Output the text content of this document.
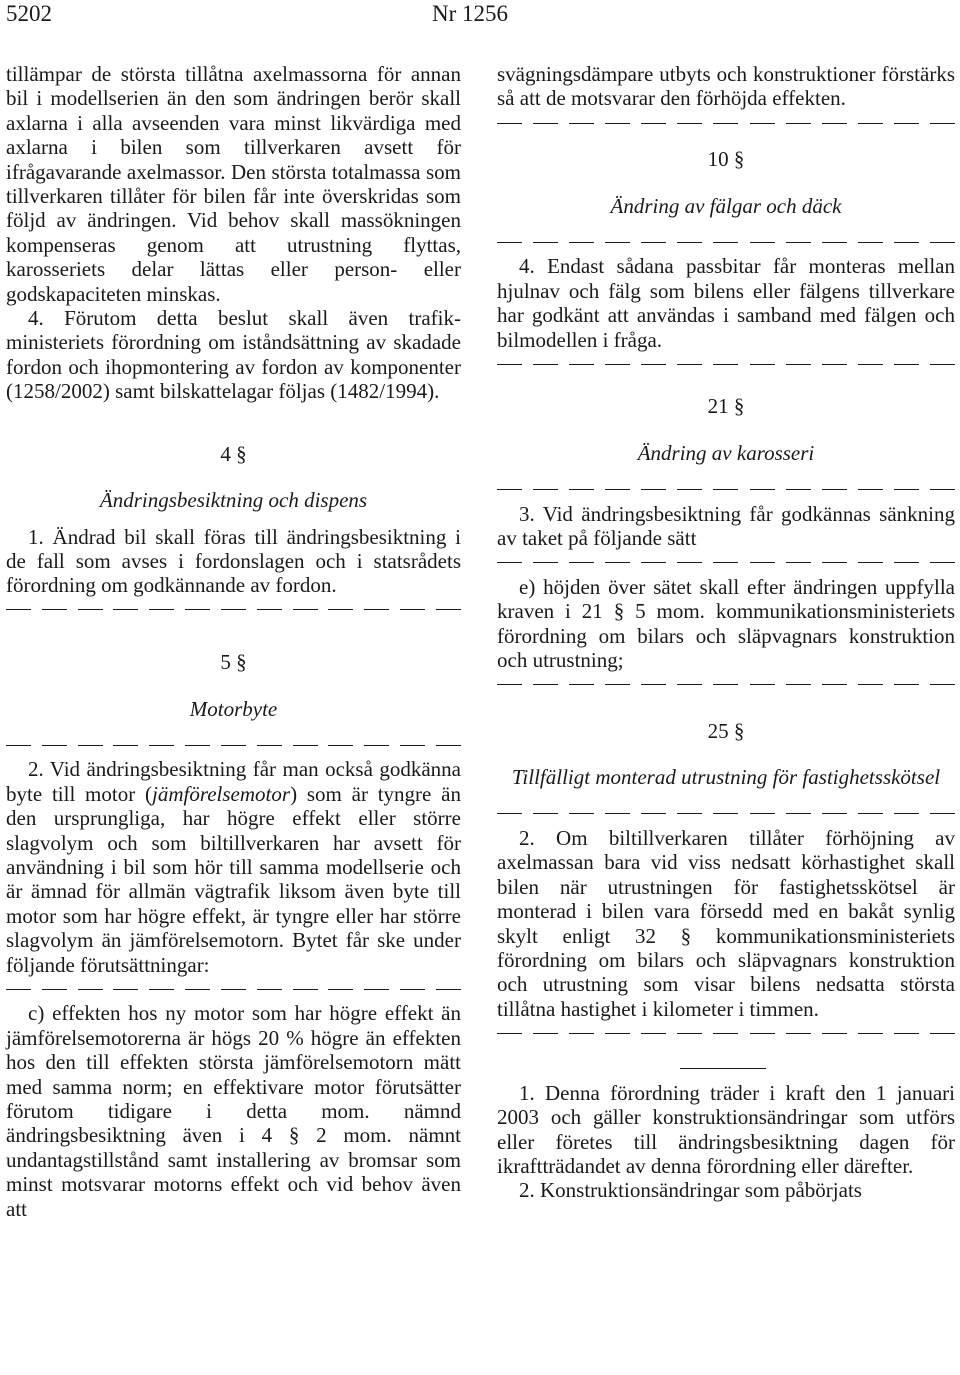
5202	Nr 1256

tillämpar de största tillåtna axelmassorna för annan bil i modellserien än den som ändringen berör skall axlarna i alla avseenden vara minst likvärdiga med axlarna i bilen som tillverkaren avsett för ifrågavarande axelmassor. Den största totalmassa som tillverkaren tillåter för bilen får inte överskridas som följd av ändringen. Vid behov skall massökningen kompenseras genom att utrustning flyttas, karosseriets delar lättas eller person- eller godskapaciteten minskas.

4. Förutom detta beslut skall även trafikministeriets förordning om iståndsättning av skadade fordon och ihopmontering av fordon av komponenter (1258/2002) samt bilskattelagar följas (1482/1994).

4 §

Ändringsbesiktning och dispens

1. Ändrad bil skall föras till ändringsbesiktning i de fall som avses i fordonslagen och i statsrådets förordning om godkännande av fordon.

5 §

Motorbyte

2. Vid ändringsbesiktning får man också godkänna byte till motor (jämförelsemotor) som är tyngre än den ursprungliga, har högre effekt eller större slagvolym och som biltillverkaren har avsett för användning i bil som hör till samma modellserie och är ämnad för allmän vägtrafik liksom även byte till motor som har högre effekt, är tyngre eller har större slagvolym än jämförelsemotorn. Bytet får ske under följande förutsättningar:

c) effekten hos ny motor som har högre effekt än jämförelsemotorerna är högs 20 % högre än effekten hos den till effekten största jämförelsemotorn mätt med samma norm; en effektivare motor förutsätter förutom tidigare i detta mom. nämnd ändringsbesiktning även i 4 § 2 mom. nämnt undantagstillstånd samt installering av bromsar som minst motsvarar motorns effekt och vid behov även att

svägningsdämpare utbyts och konstruktioner förstärks så att de motsvarar den förhöjda effekten.

10 §

Ändring av fälgar och däck

4. Endast sådana passbitar får monteras mellan hjulnav och fälg som bilens eller fälgens tillverkare har godkänt att användas i samband med fälgen och bilmodellen i fråga.

21 §

Ändring av karosseri

3. Vid ändringsbesiktning får godkännas sänkning av taket på följande sätt

e) höjden över sätet skall efter ändringen uppfylla kraven i 21 § 5 mom. kommunikationsministeriets förordning om bilars och släpvagnars konstruktion och utrustning;

25 §

Tillfälligt monterad utrustning för fastighetsskötsel

2. Om biltillverkaren tillåter förhöjning av axelmassan bara vid viss nedsatt körhastighet skall bilen när utrustningen för fastighetsskötsel är monterad i bilen vara försedd med en bakåt synlig skylt enligt 32 § kommunikationsministeriets förordning om bilars och släpvagnars konstruktion och utrustning som visar bilens nedsatta största tillåtna hastighet i kilometer i timmen.

1. Denna förordning träder i kraft den 1 januari 2003 och gäller konstruktionsändringar som utförs eller företes till ändringsbesiktning dagen för ikraftträdandet av denna förordning eller därefter.

2. Konstruktionsändringar som påbörjats
